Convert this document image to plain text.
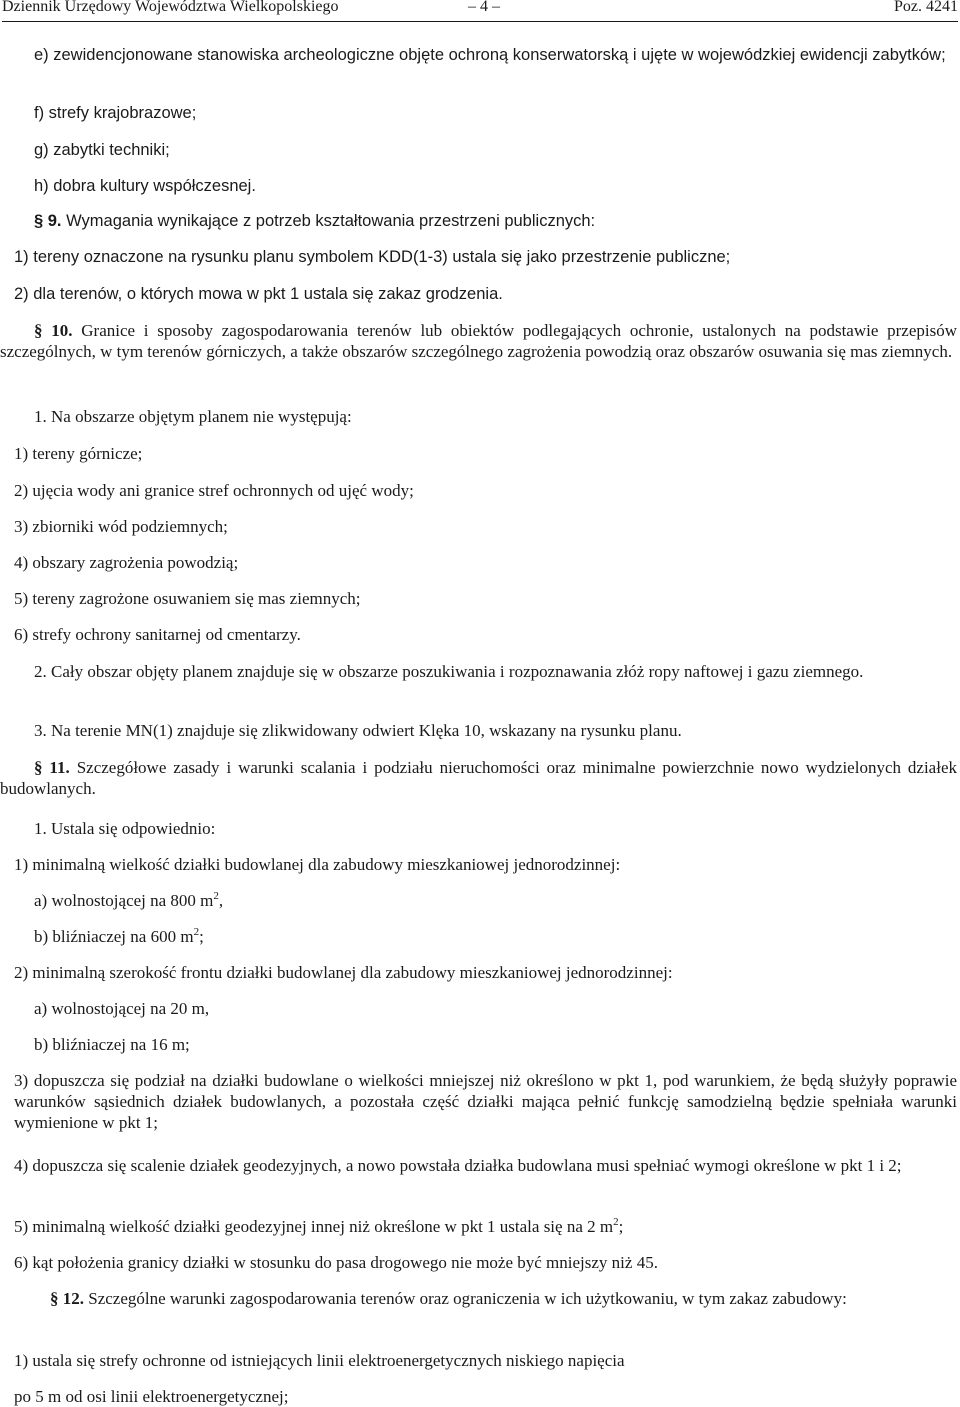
Dziennik Urzędowy Województwa Wielkopolskiego	– 4 –	Poz. 4241

e) zewidencjonowane stanowiska archeologiczne objęte ochroną konserwatorską i ujęte w wojewódzkiej ewidencji zabytków;

f) strefy krajobrazowe;

g) zabytki techniki;

h) dobra kultury współczesnej.

§ 9. Wymagania wynikające z potrzeb kształtowania przestrzeni publicznych:

1) tereny oznaczone na rysunku planu symbolem KDD(1-3) ustala się jako przestrzenie publiczne;

2) dla terenów, o których mowa w pkt 1 ustala się zakaz grodzenia.

§ 10. Granice i sposoby zagospodarowania terenów lub obiektów podlegających ochronie, ustalonych na podstawie przepisów szczególnych, w tym terenów górniczych, a także obszarów szczególnego zagrożenia powodzią oraz obszarów osuwania się mas ziemnych.

1. Na obszarze objętym planem nie występują:

1) tereny górnicze;

2) ujęcia wody ani granice stref ochronnych od ujęć wody;

3) zbiorniki wód podziemnych;

4) obszary zagrożenia powodzią;

5) tereny zagrożone osuwaniem się mas ziemnych;

6) strefy ochrony sanitarnej od cmentarzy.

2. Cały obszar objęty planem znajduje się w obszarze poszukiwania i rozpoznawania złóż ropy naftowej i gazu ziemnego.

3. Na terenie MN(1) znajduje się zlikwidowany odwiert Klęka 10, wskazany na rysunku planu.

§ 11. Szczegółowe zasady i warunki scalania i podziału nieruchomości oraz minimalne powierzchnie nowo wydzielonych działek budowlanych.

1. Ustala się odpowiednio:

1) minimalną wielkość działki budowlanej dla zabudowy mieszkaniowej jednorodzinnej:

a) wolnostojącej na 800 $m^2$,

b) bliźniaczej na 600 $m^2$;

2) minimalną szerokość frontu działki budowlanej dla zabudowy mieszkaniowej jednorodzinnej:

a) wolnostojącej na 20 m,

b) bliźniaczej na 16 m;

3) dopuszcza się podział na działki budowlane o wielkości mniejszej niż określono w pkt 1, pod warunkiem, że będą służyły poprawie warunków sąsiednich działek budowlanych, a pozostała część działki mająca pełnić funkcję samodzielną będzie spełniała warunki wymienione w pkt 1;

4) dopuszcza się scalenie działek geodezyjnych, a nowo powstała działka budowlana musi spełniać wymogi określone w pkt 1 i 2;

5) minimalną wielkość działki geodezyjnej innej niż określone w pkt 1 ustala się na 2 $m^2$;

6) kąt położenia granicy działki w stosunku do pasa drogowego nie może być mniejszy niż 45.

§ 12. Szczególne warunki zagospodarowania terenów oraz ograniczenia w ich użytkowaniu, w tym zakaz zabudowy:

1) ustala się strefy ochronne od istniejących linii elektroenergetycznych niskiego napięcia

po 5 m od osi linii elektroenergetycznej;
